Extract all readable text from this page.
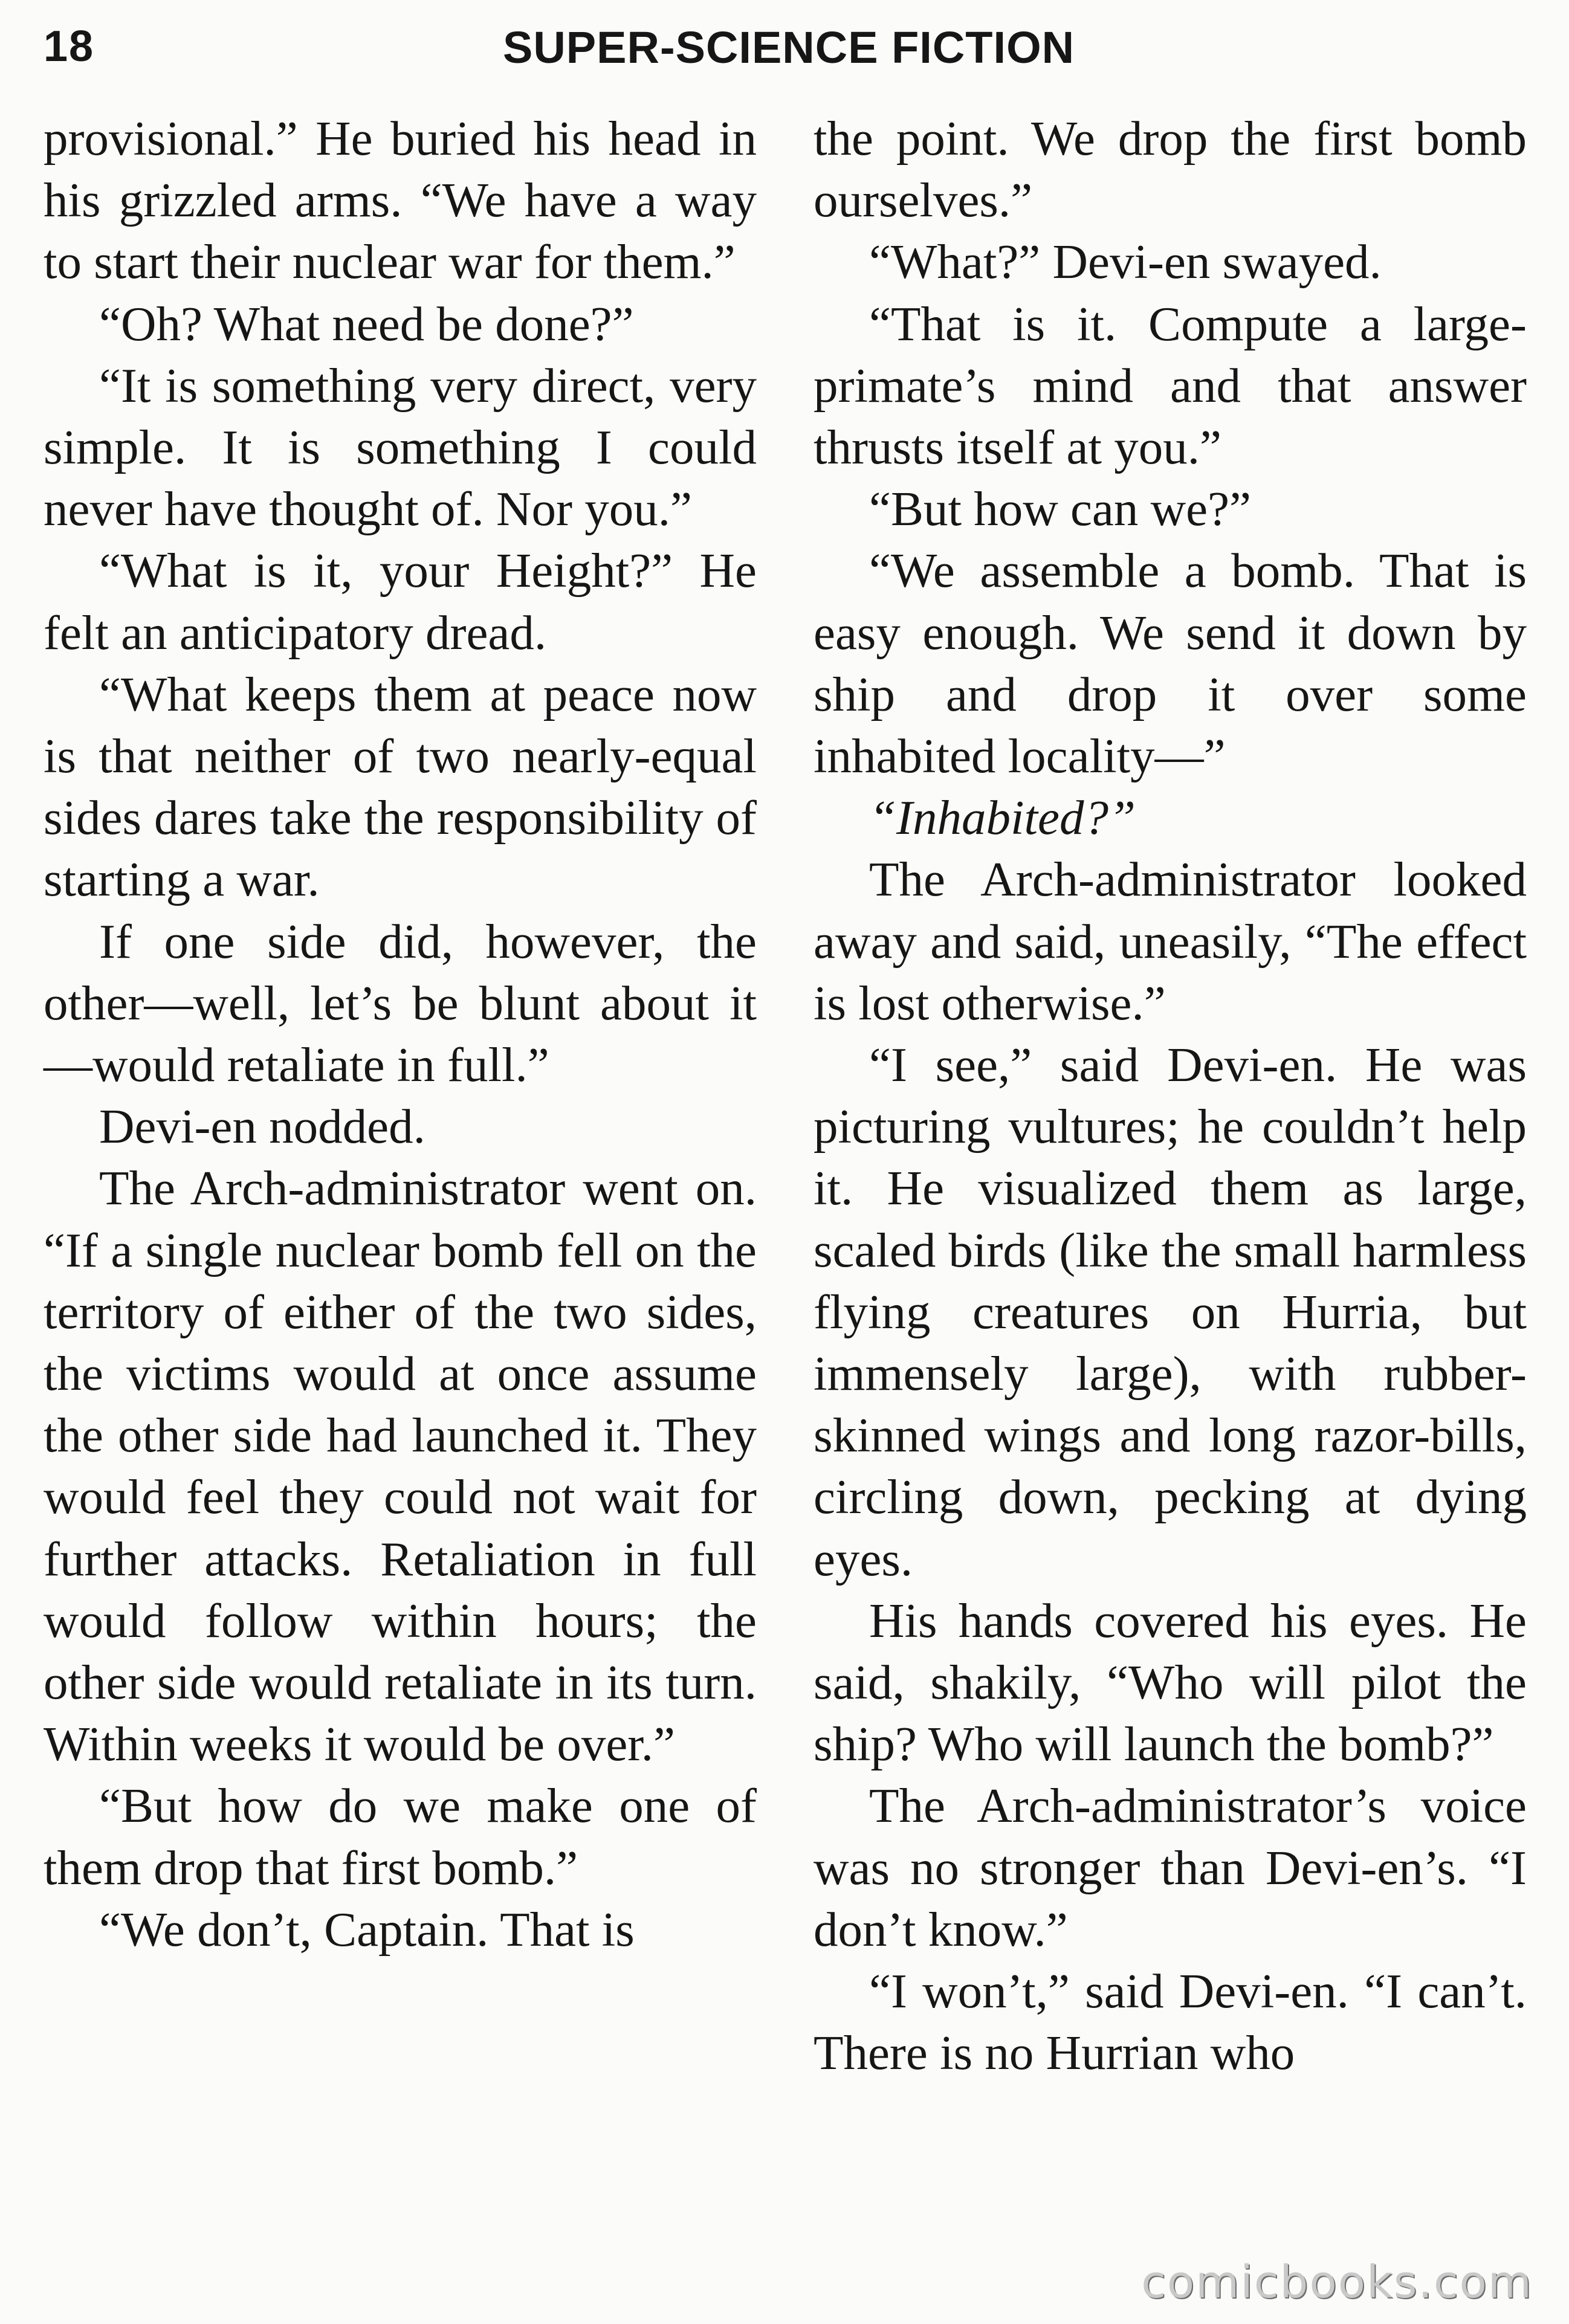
18	SUPER-SCIENCE FICTION

provisional.” He buried his head in his grizzled arms. “We have a way to start their nuclear war for them.”

“Oh? What need be done?”

“It is something very direct, very simple. It is something I could never have thought of. Nor you.”

“What is it, your Height?” He felt an anticipatory dread.

“What keeps them at peace now is that neither of two nearly-equal sides dares take the responsibility of starting a war.

If one side did, however, the other—well, let’s be blunt about it—would retaliate in full.”

Devi-en nodded.

The Arch-administrator went on. “If a single nuclear bomb fell on the territory of either of the two sides, the victims would at once assume the other side had launched it. They would feel they could not wait for further attacks. Retaliation in full would follow within hours; the other side would retaliate in its turn. Within weeks it would be over.”

“But how do we make one of them drop that first bomb.”

“We don’t, Captain. That is

the point. We drop the first bomb ourselves.”

“What?” Devi-en swayed.

“That is it. Compute a large-primate’s mind and that answer thrusts itself at you.”

“But how can we?”

“We assemble a bomb. That is easy enough. We send it down by ship and drop it over some inhabited locality—”

“Inhabited?”

The Arch-administrator looked away and said, uneasily, “The effect is lost otherwise.”

“I see,” said Devi-en. He was picturing vultures; he couldn’t help it. He visualized them as large, scaled birds (like the small harmless flying creatures on Hurria, but immensely large), with rubber-skinned wings and long razor-bills, circling down, pecking at dying eyes.

His hands covered his eyes. He said, shakily, “Who will pilot the ship? Who will launch the bomb?”

The Arch-administrator’s voice was no stronger than Devi-en’s. “I don’t know.”

“I won’t,” said Devi-en. “I can’t. There is no Hurrian who

comicbooks.com
